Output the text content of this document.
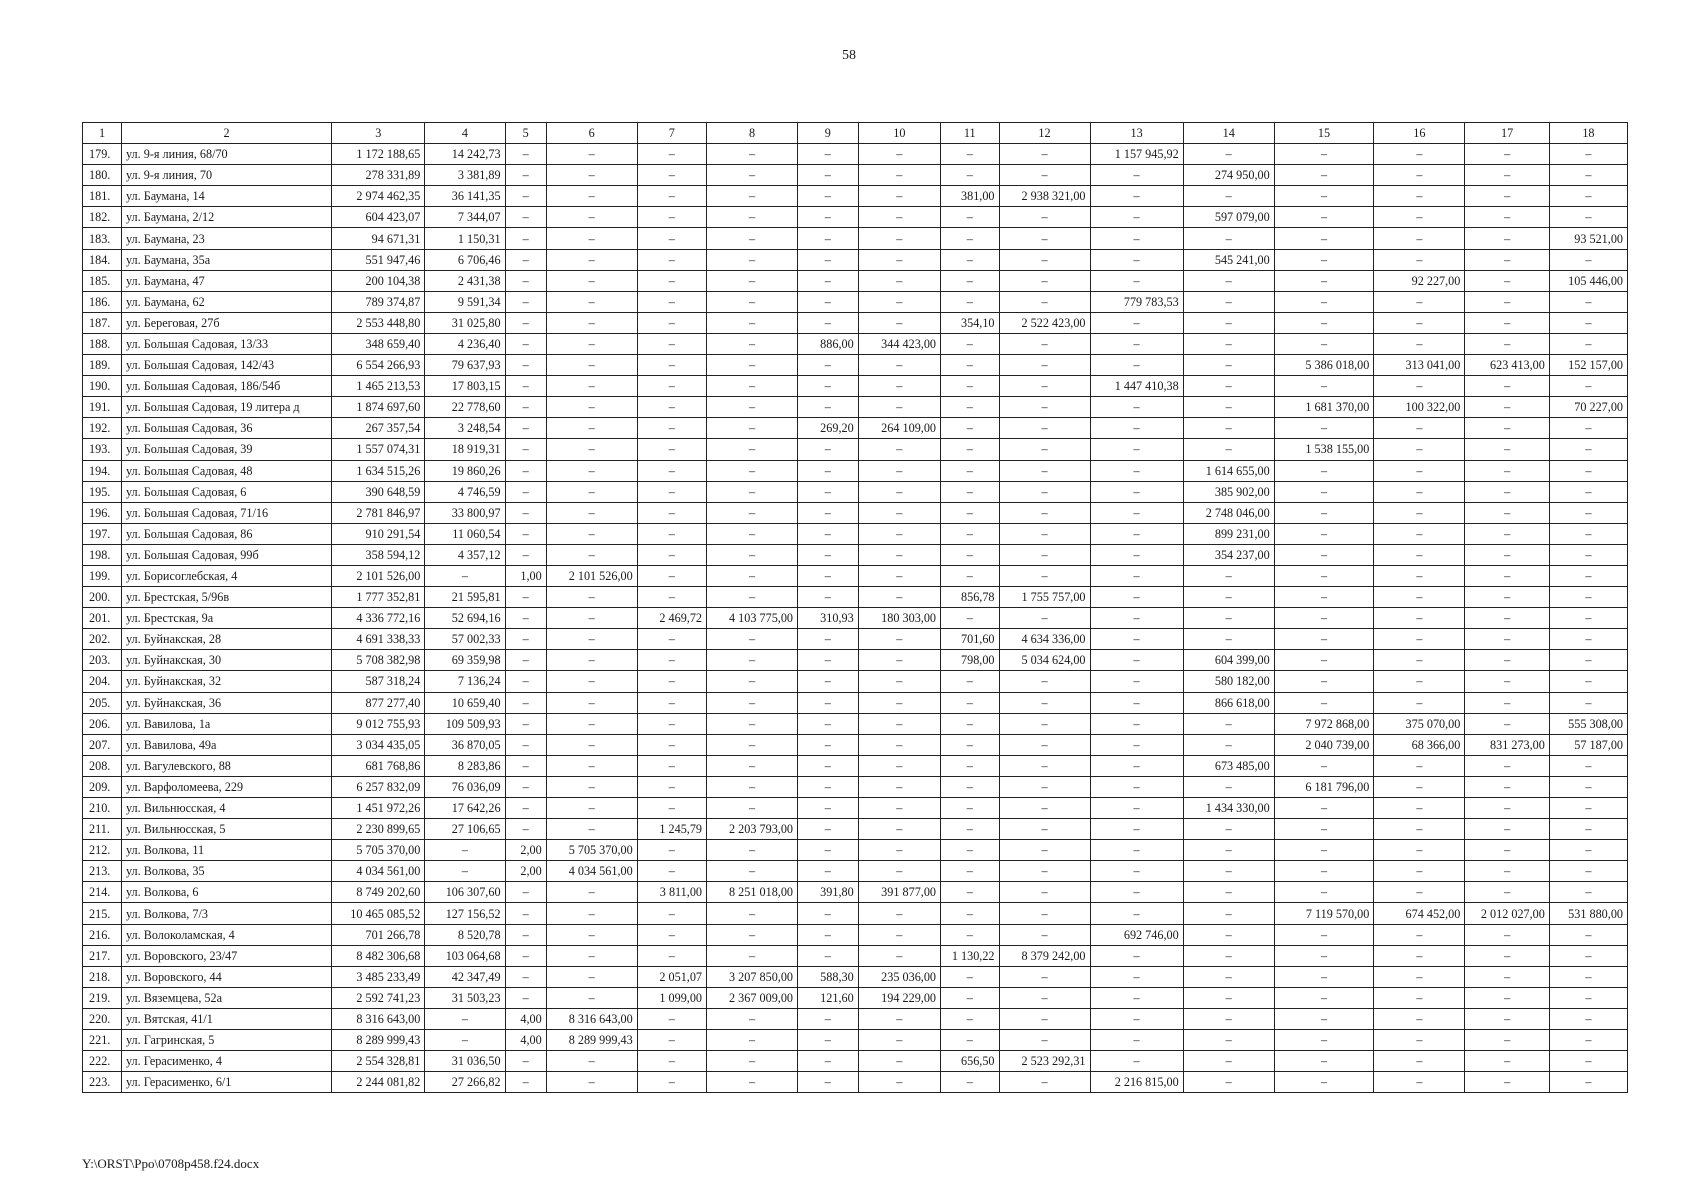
58
1	2	3	4	5	6	7	8	9	10	11	12	13	14	15	16	17	18
179.	ул. 9-я линия, 68/70	1 172 188,65	14 242,73	–	–	–	–	–	–	–	–	1 157 945,92	–	–	–	–	–
180.	ул. 9-я линия, 70	278 331,89	3 381,89	–	–	–	–	–	–	–	–	–	274 950,00	–	–	–	–
181.	ул. Баумана, 14	2 974 462,35	36 141,35	–	–	–	–	–	–	381,00	2 938 321,00	–	–	–	–	–	–
182.	ул. Баумана, 2/12	604 423,07	7 344,07	–	–	–	–	–	–	–	–	–	597 079,00	–	–	–	–
183.	ул. Баумана, 23	94 671,31	1 150,31	–	–	–	–	–	–	–	–	–	–	–	–	–	93 521,00
184.	ул. Баумана, 35а	551 947,46	6 706,46	–	–	–	–	–	–	–	–	–	545 241,00	–	–	–	–
185.	ул. Баумана, 47	200 104,38	2 431,38	–	–	–	–	–	–	–	–	–	–	–	92 227,00	–	105 446,00
186.	ул. Баумана, 62	789 374,87	9 591,34	–	–	–	–	–	–	–	–	779 783,53	–	–	–	–	–
187.	ул. Береговая, 27б	2 553 448,80	31 025,80	–	–	–	–	–	–	354,10	2 522 423,00	–	–	–	–	–	–
188.	ул. Большая Садовая, 13/33	348 659,40	4 236,40	–	–	–	–	886,00	344 423,00	–	–	–	–	–	–	–	–
189.	ул. Большая Садовая, 142/43	6 554 266,93	79 637,93	–	–	–	–	–	–	–	–	–	–	5 386 018,00	313 041,00	623 413,00	152 157,00
190.	ул. Большая Садовая, 186/54б	1 465 213,53	17 803,15	–	–	–	–	–	–	–	–	1 447 410,38	–	–	–	–	–
191.	ул. Большая Садовая, 19 литера д	1 874 697,60	22 778,60	–	–	–	–	–	–	–	–	–	–	1 681 370,00	100 322,00	–	70 227,00
192.	ул. Большая Садовая, 36	267 357,54	3 248,54	–	–	–	–	269,20	264 109,00	–	–	–	–	–	–	–	–
193.	ул. Большая Садовая, 39	1 557 074,31	18 919,31	–	–	–	–	–	–	–	–	–	–	1 538 155,00	–	–	–
194.	ул. Большая Садовая, 48	1 634 515,26	19 860,26	–	–	–	–	–	–	–	–	–	1 614 655,00	–	–	–	–
195.	ул. Большая Садовая, 6	390 648,59	4 746,59	–	–	–	–	–	–	–	–	–	385 902,00	–	–	–	–
196.	ул. Большая Садовая, 71/16	2 781 846,97	33 800,97	–	–	–	–	–	–	–	–	–	2 748 046,00	–	–	–	–
197.	ул. Большая Садовая, 86	910 291,54	11 060,54	–	–	–	–	–	–	–	–	–	899 231,00	–	–	–	–
198.	ул. Большая Садовая, 99б	358 594,12	4 357,12	–	–	–	–	–	–	–	–	–	354 237,00	–	–	–	–
199.	ул. Борисоглебская, 4	2 101 526,00	–	1,00	2 101 526,00	–	–	–	–	–	–	–	–	–	–	–	–
200.	ул. Брестская, 5/96в	1 777 352,81	21 595,81	–	–	–	–	–	–	856,78	1 755 757,00	–	–	–	–	–	–
201.	ул. Брестская, 9а	4 336 772,16	52 694,16	–	–	2 469,72	4 103 775,00	310,93	180 303,00	–	–	–	–	–	–	–	–
202.	ул. Буйнакская, 28	4 691 338,33	57 002,33	–	–	–	–	–	–	701,60	4 634 336,00	–	–	–	–	–	–
203.	ул. Буйнакская, 30	5 708 382,98	69 359,98	–	–	–	–	–	–	798,00	5 034 624,00	–	604 399,00	–	–	–	–
204.	ул. Буйнакская, 32	587 318,24	7 136,24	–	–	–	–	–	–	–	–	–	580 182,00	–	–	–	–
205.	ул. Буйнакская, 36	877 277,40	10 659,40	–	–	–	–	–	–	–	–	–	866 618,00	–	–	–	–
206.	ул. Вавилова, 1а	9 012 755,93	109 509,93	–	–	–	–	–	–	–	–	–	–	7 972 868,00	375 070,00	–	555 308,00
207.	ул. Вавилова, 49а	3 034 435,05	36 870,05	–	–	–	–	–	–	–	–	–	–	2 040 739,00	68 366,00	831 273,00	57 187,00
208.	ул. Вагулевского, 88	681 768,86	8 283,86	–	–	–	–	–	–	–	–	–	673 485,00	–	–	–	–
209.	ул. Варфоломеева, 229	6 257 832,09	76 036,09	–	–	–	–	–	–	–	–	–	–	6 181 796,00	–	–	–
210.	ул. Вильнюсская, 4	1 451 972,26	17 642,26	–	–	–	–	–	–	–	–	–	1 434 330,00	–	–	–	–
211.	ул. Вильнюсская, 5	2 230 899,65	27 106,65	–	–	1 245,79	2 203 793,00	–	–	–	–	–	–	–	–	–	–
212.	ул. Волкова, 11	5 705 370,00	–	2,00	5 705 370,00	–	–	–	–	–	–	–	–	–	–	–	–
213.	ул. Волкова, 35	4 034 561,00	–	2,00	4 034 561,00	–	–	–	–	–	–	–	–	–	–	–	–
214.	ул. Волкова, 6	8 749 202,60	106 307,60	–	–	3 811,00	8 251 018,00	391,80	391 877,00	–	–	–	–	–	–	–	–
215.	ул. Волкова, 7/3	10 465 085,52	127 156,52	–	–	–	–	–	–	–	–	–	–	7 119 570,00	674 452,00	2 012 027,00	531 880,00
216.	ул. Волоколамская, 4	701 266,78	8 520,78	–	–	–	–	–	–	–	–	692 746,00	–	–	–	–	–
217.	ул. Воровского, 23/47	8 482 306,68	103 064,68	–	–	–	–	–	–	1 130,22	8 379 242,00	–	–	–	–	–	–
218.	ул. Воровского, 44	3 485 233,49	42 347,49	–	–	2 051,07	3 207 850,00	588,30	235 036,00	–	–	–	–	–	–	–	–
219.	ул. Вяземцева, 52а	2 592 741,23	31 503,23	–	–	1 099,00	2 367 009,00	121,60	194 229,00	–	–	–	–	–	–	–	–
220.	ул. Вятская, 41/1	8 316 643,00	–	4,00	8 316 643,00	–	–	–	–	–	–	–	–	–	–	–	–
221.	ул. Гагринская, 5	8 289 999,43	–	4,00	8 289 999,43	–	–	–	–	–	–	–	–	–	–	–	–
222.	ул. Герасименко, 4	2 554 328,81	31 036,50	–	–	–	–	–	–	656,50	2 523 292,31	–	–	–	–	–	–
223.	ул. Герасименко, 6/1	2 244 081,82	27 266,82	–	–	–	–	–	–	–	–	2 216 815,00	–	–	–	–	–
Y:\ORST\Ppo\0708p458.f24.docx
